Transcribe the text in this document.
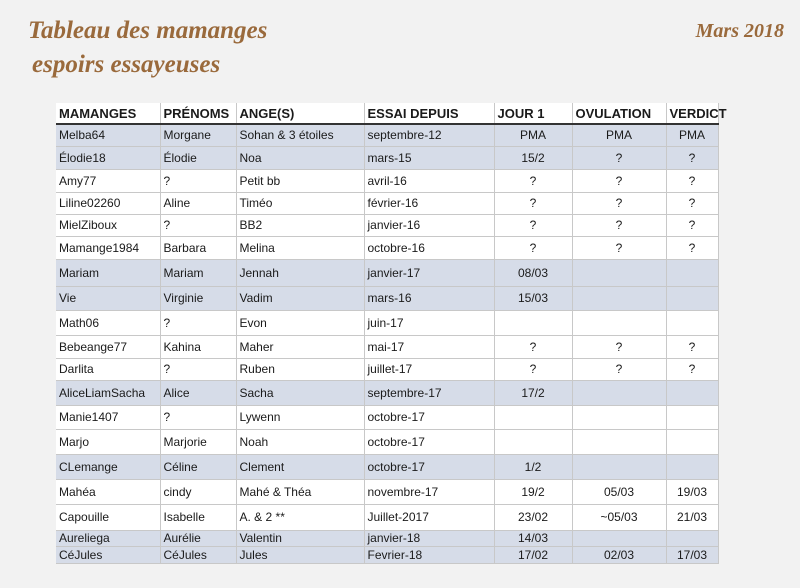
Tableau des mamanges
espoirs essayeuses
Mars 2018
MAMANGES	PRÉNOMS	ANGE(S)	ESSAI DEPUIS	JOUR 1	OVULATION	VERDICT
Melba64	Morgane	Sohan & 3 étoiles	septembre-12	PMA	PMA	PMA
Élodie18	Élodie	Noa	mars-15	15/2	?	?
Amy77	?	Petit bb	avril-16	?	?	?
Liline02260	Aline	Timéo	février-16	?	?	?
MielZiboux	?	BB2	janvier-16	?	?	?
Mamange1984	Barbara	Melina	octobre-16	?	?	?
Mariam	Mariam	Jennah	janvier-17	08/03		
Vie	Virginie	Vadim	mars-16	15/03		
Math06	?	Evon	juin-17			
Bebeange77	Kahina	Maher	mai-17	?	?	?
Darlita	?	Ruben	juillet-17	?	?	?
AliceLiamSacha	Alice	Sacha	septembre-17	17/2		
Manie1407	?	Lywenn	octobre-17			
Marjo	Marjorie	Noah	octobre-17			
CLemange	Céline	Clement	octobre-17	1/2		
Mahéa	cindy	Mahé & Théa	novembre-17	19/2	05/03	19/03
Capouille	Isabelle	A. & 2 **	Juillet-2017	23/02	~05/03	21/03
Aureliega	Aurélie	Valentin	janvier-18	14/03		
CéJules	CéJules	Jules	Fevrier-18	17/02	02/03	17/03
